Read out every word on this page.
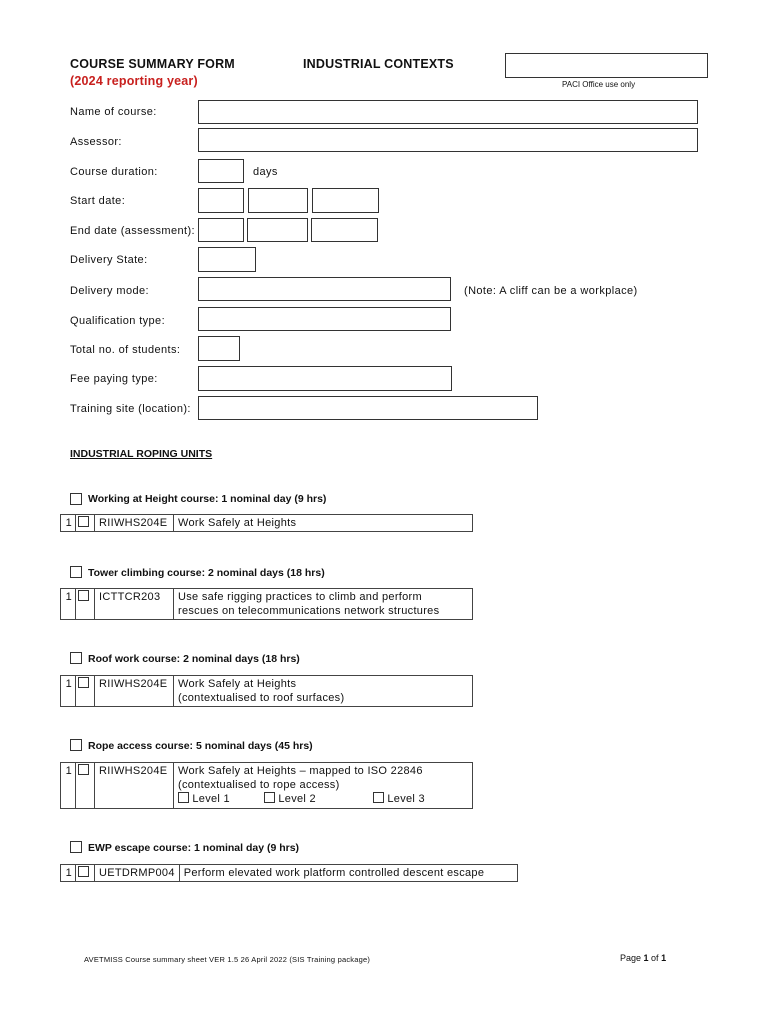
COURSE SUMMARY FORM
(2024 reporting year)
INDUSTRIAL CONTEXTS
PACI Office use only
Name of course:
Assessor:
Course duration:	days
Start date:
End date (assessment):
Delivery State:
Delivery mode:	(Note: A cliff can be a workplace)
Qualification type:
Total no. of students:
Fee paying type:
Training site (location):
INDUSTRIAL ROPING UNITS
Working at Height course: 1 nominal day (9 hrs)
1		RIIWHS204E	Work Safely at Heights
Tower climbing course: 2 nominal days (18 hrs)
1		ICTTCR203	Use safe rigging practices to climb and perform
rescues on telecommunications network structures
Roof work course: 2 nominal days (18 hrs)
1		RIIWHS204E	Work Safely at Heights
(contextualised to roof surfaces)
Rope access course: 5 nominal days (45 hrs)
1		RIIWHS204E	Work Safely at Heights – mapped to ISO 22846
(contextualised to rope access)
Level 1	Level 2	Level 3
EWP escape course: 1 nominal day (9 hrs)
1		UETDRMP004	Perform elevated work platform controlled descent escape
AVETMISS Course summary sheet VER 1.5 26 April 2022 (SIS Training package)	Page 1 of 1
